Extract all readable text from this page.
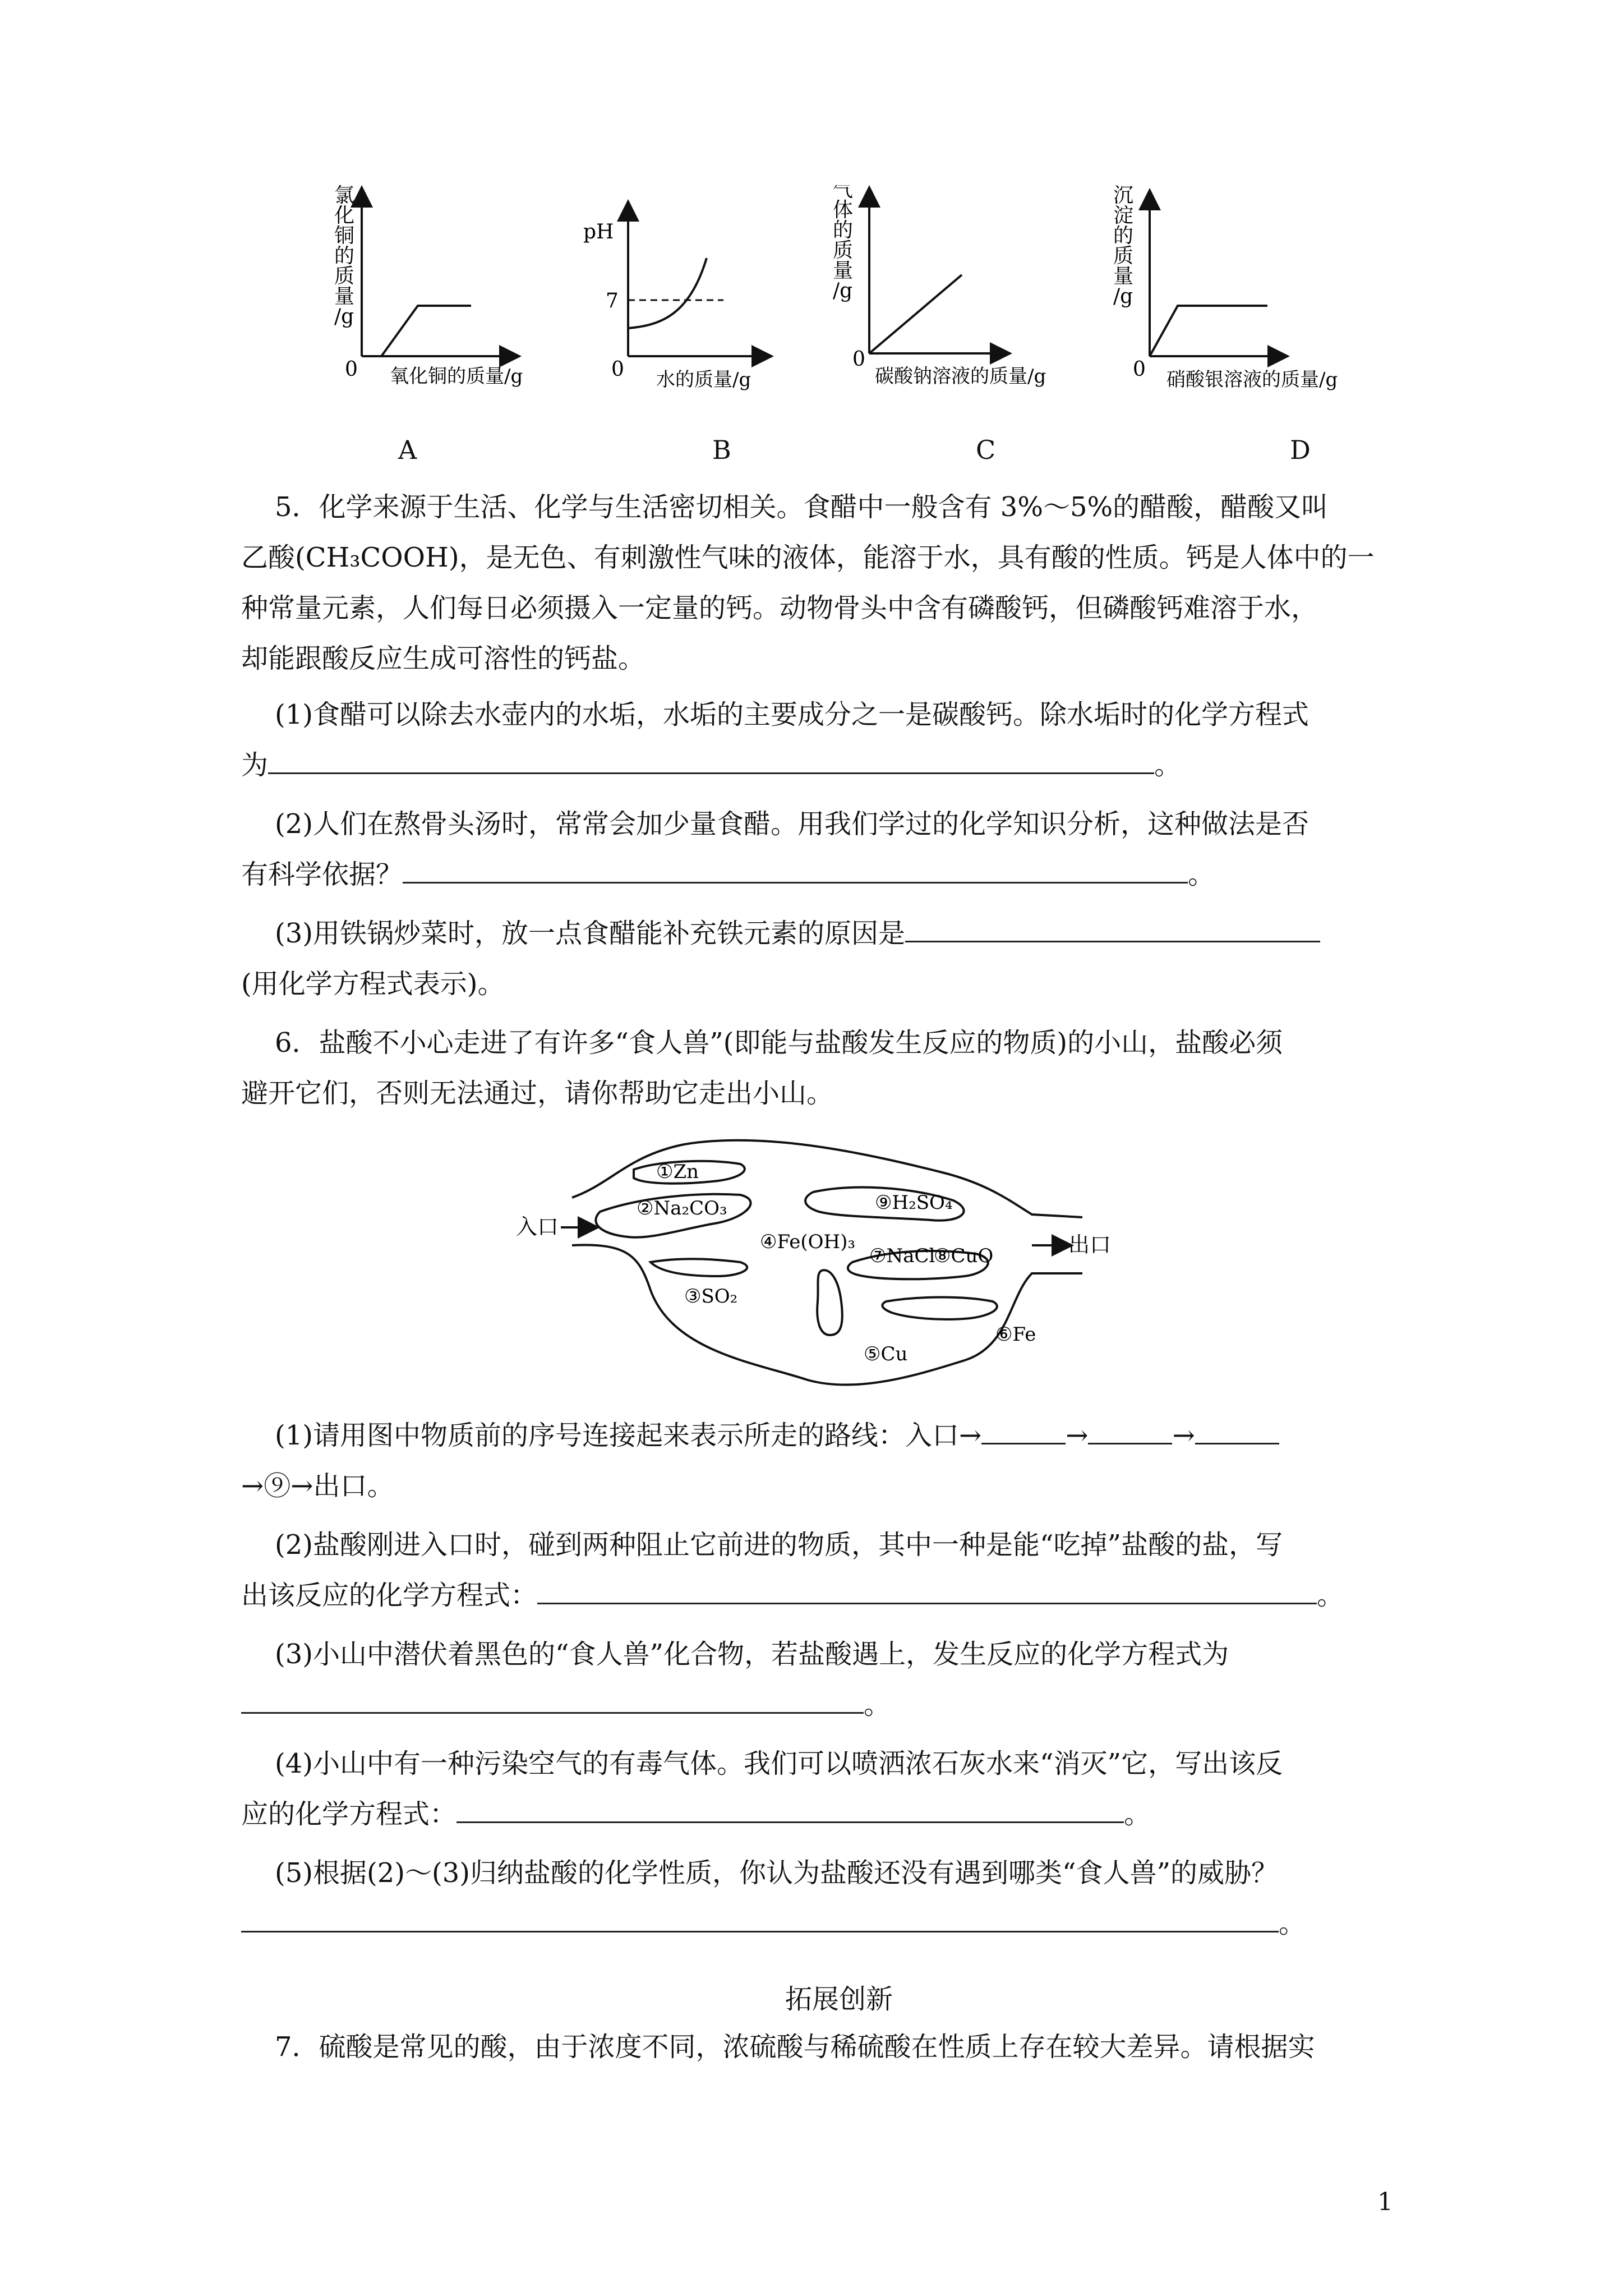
氯化铜的质量/g
0 氧化铜的质量/g
pH
7
0 水的质量/g
气体的质量/g
0
碳酸钠溶液的质量/g
沉淀的质量/g
0 硝酸银溶液的质量/g
A	B	C	D
5．化学来源于生活、化学与生活密切相关。食醋中一般含有 3%～5%的醋酸，醋酸又叫
乙酸(CH₃COOH)，是无色、有刺激性气味的液体，能溶于水，具有酸的性质。钙是人体中的一
种常量元素，人们每日必须摄入一定量的钙。动物骨头中含有磷酸钙，但磷酸钙难溶于水，
却能跟酸反应生成可溶性的钙盐。
(1)食醋可以除去水壶内的水垢，水垢的主要成分之一是碳酸钙。除水垢时的化学方程式
为	。
(2)人们在熬骨头汤时，常常会加少量食醋。用我们学过的化学知识分析，这种做法是否
有科学依据？	。
(3)用铁锅炒菜时，放一点食醋能补充铁元素的原因是
(用化学方程式表示)。
6．盐酸不小心走进了有许多“食人兽”(即能与盐酸发生反应的物质)的小山，盐酸必须
避开它们，否则无法通过，请你帮助它走出小山。
入口
出口
①Zn
②Na₂CO₃
③SO₂
④Fe(OH)₃
⑦NaCl
⑧CuO
⑨H₂SO₄
⑤Cu
⑥Fe
(1)请用图中物质前的序号连接起来表示所走的路线：入口→	→	→
→⑨→出口。
(2)盐酸刚进入口时，碰到两种阻止它前进的物质，其中一种是能“吃掉”盐酸的盐，写
出该反应的化学方程式：	。
(3)小山中潜伏着黑色的“食人兽”化合物，若盐酸遇上，发生反应的化学方程式为
。
(4)小山中有一种污染空气的有毒气体。我们可以喷洒浓石灰水来“消灭”它，写出该反
应的化学方程式：	。
(5)根据(2)～(3)归纳盐酸的化学性质，你认为盐酸还没有遇到哪类“食人兽”的威胁？
。
拓展创新
7．硫酸是常见的酸，由于浓度不同，浓硫酸与稀硫酸在性质上存在较大差异。请根据实
1
